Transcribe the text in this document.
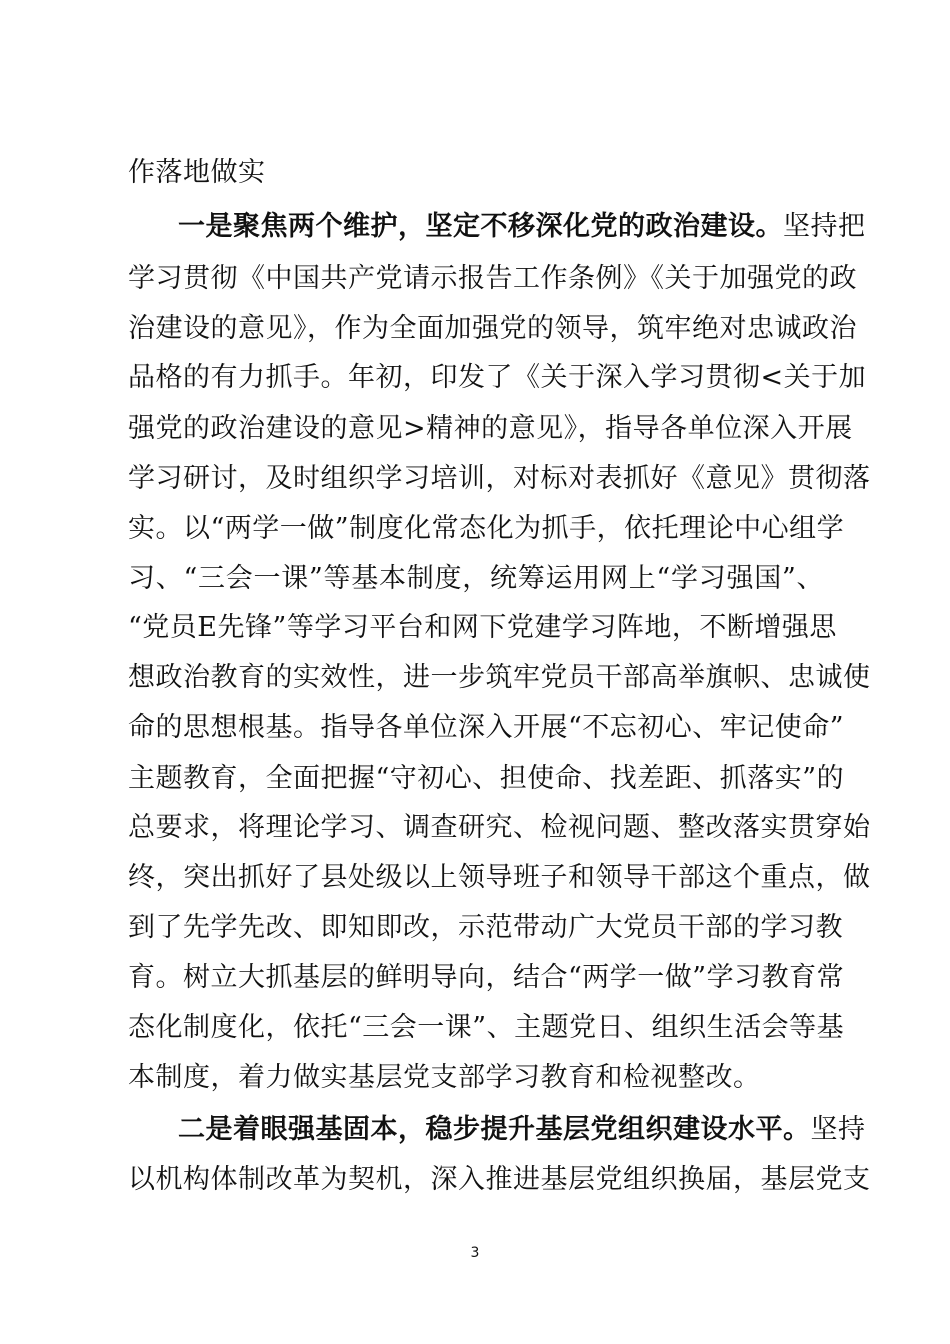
作落地做实
一是聚焦两个维护，坚定不移深化党的政治建设。坚持把
学习贯彻《中国共产党请示报告工作条例》《关于加强党的政
治建设的意见》，作为全面加强党的领导，筑牢绝对忠诚政治
品格的有力抓手。年初，印发了《关于深入学习贯彻<关于加
强党的政治建设的意见>精神的意见》，指导各单位深入开展
学习研讨，及时组织学习培训，对标对表抓好《意见》贯彻落
实。以“两学一做”制度化常态化为抓手，依托理论中心组学
习、“三会一课”等基本制度，统筹运用网上“学习强国”、
“党员E先锋”等学习平台和网下党建学习阵地，不断增强思
想政治教育的实效性，进一步筑牢党员干部高举旗帜、忠诚使
命的思想根基。指导各单位深入开展“不忘初心、牢记使命”
主题教育，全面把握“守初心、担使命、找差距、抓落实”的
总要求，将理论学习、调查研究、检视问题、整改落实贯穿始
终，突出抓好了县处级以上领导班子和领导干部这个重点，做
到了先学先改、即知即改，示范带动广大党员干部的学习教
育。树立大抓基层的鲜明导向，结合“两学一做”学习教育常
态化制度化，依托“三会一课”、主题党日、组织生活会等基
本制度，着力做实基层党支部学习教育和检视整改。
二是着眼强基固本，稳步提升基层党组织建设水平。坚持
以机构体制改革为契机，深入推进基层党组织换届，基层党支
3
